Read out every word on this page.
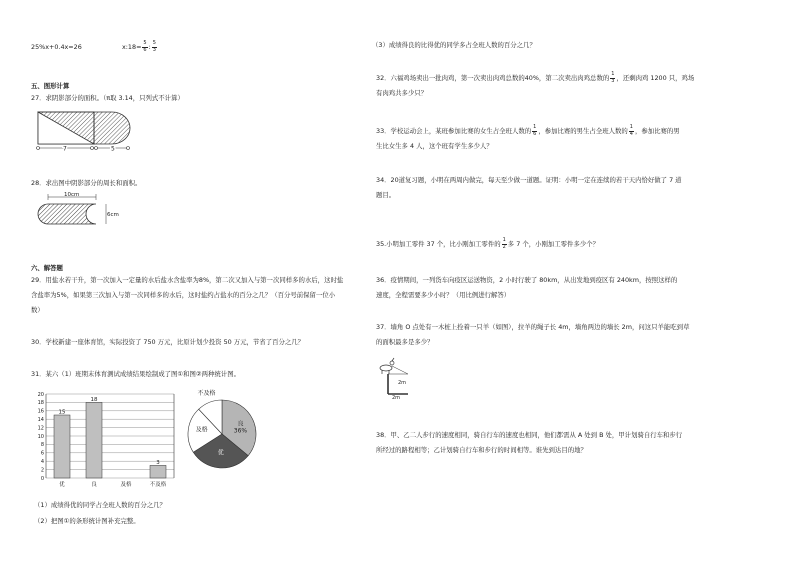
25%x+0.4x=26	x:18= $\frac{5}{6}$ : $\frac{5}{3}$
五、图形计算
27．求阴影部分的面积。（π取 3.14，只列式不计算）
7	5
28．求出图中阴影部分的周长和面积。
10cm
6cm
六、解答题
29．用盐水若干升，第一次加入一定量的水后盐水含盐率为8%，第二次又加入与第一次同样多的水后，这时盐
含盐率为5%，如果第三次加入与第一次同样多的水后，这时盐约占盐水的百分之几？（百分号前保留一位小
数）
30．学校新建一座体育馆，实际投资了 750 万元，比原计划少投资 50 万元，节省了百分之几？
31．某六（1）班期末体育测试成绩结果绘制成了图①和图②两种统计图。
0
2
4
6
8
10
12
14
16
18
20
15
优
18
良	及格
3
不及格
良
36%
优
及格
不及格
（1）成绩得优的同学占全班人数的百分之几？
（2）把图①的条形统计图补充完整。
（3）成绩得良的比得优的同学多占全班人数的百分之几？
32．六福鸡场卖出一批肉鸡，第一次卖出肉鸡总数的40%，第二次卖出肉鸡总数的 $\frac{1}{3}$ ，还剩肉鸡 1200 只，鸡场
有肉鸡共多少只？
33．学校运动会上，某班参加比赛的女生占全班人数的 $\frac{1}{6}$ ，参加比赛的男生占全班人数的 $\frac{1}{4}$ ，参加比赛的男
生比女生多 4 人，这个班有学生多少人？
34．20道复习题，小明在两周内做完，每天至少做一道题。证明：小明一定在连续的若干天内恰好做了 7 道
题目。
35.小明加工零件 37 个，比小刚加工零件的 $\frac{1}{2}$ 多 7 个，小刚加工零件多少个？
36．疫情期间，一列货车向疫区运送物资，2 小时行驶了 80km，从出发地到疫区有 240km，按照这样的
速度，全程需要多少小时？（用比例进行解答）
37．墙角 O 点处有一木桩上拴着一只羊（如图），拉羊的绳子长 4m，墙角两边的墙长 2m，问这只羊能吃到草
的面积最多是多少？
2m
2m
38．甲、乙二人步行的速度相同，骑自行车的速度也相同，他们都需从 A 处到 B 处，甲计划骑自行车和步行
所经过的路程相等；乙计划骑自行车和步行的时间相等。谁先到达目的地？
